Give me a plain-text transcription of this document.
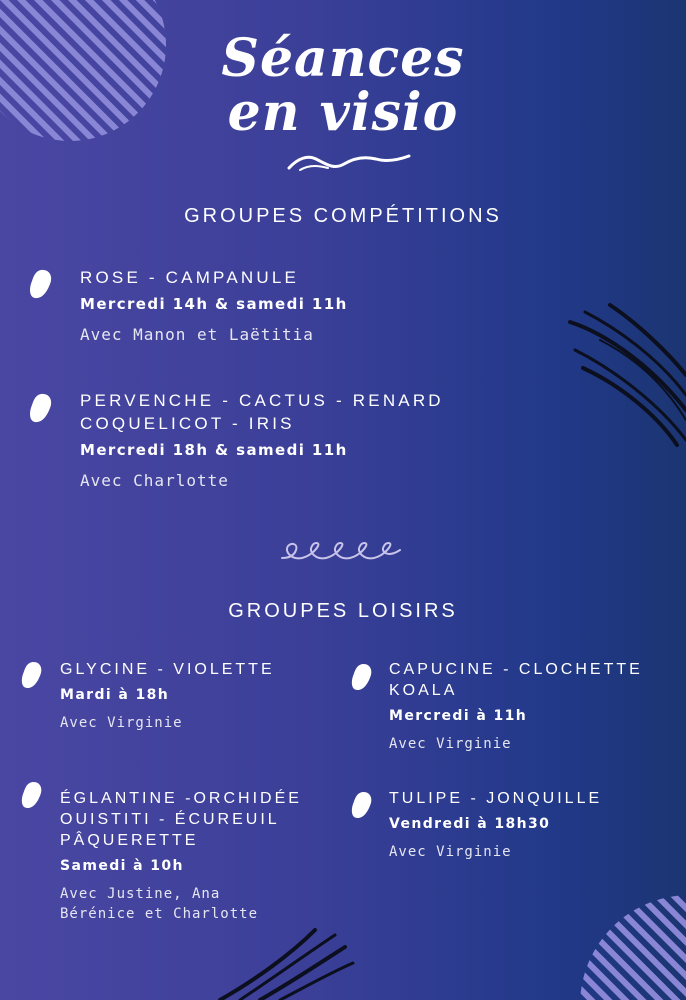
Séances
en visio
GROUPES COMPÉTITIONS
ROSE - CAMPANULE
Mercredi 14h & samedi 11h
Avec Manon et Laëtitia
PERVENCHE - CACTUS - RENARD
COQUELICOT - IRIS
Mercredi 18h & samedi 11h
Avec Charlotte
GROUPES LOISIRS
GLYCINE - VIOLETTE
Mardi à 18h
Avec Virginie
CAPUCINE - CLOCHETTE
KOALA
Mercredi à 11h
Avec Virginie
ÉGLANTINE -ORCHIDÉE
OUISTITI - ÉCUREUIL
PÂQUERETTE
Samedi à 10h
Avec Justine, Ana
Bérénice et Charlotte
TULIPE - JONQUILLE
Vendredi à 18h30
Avec Virginie
